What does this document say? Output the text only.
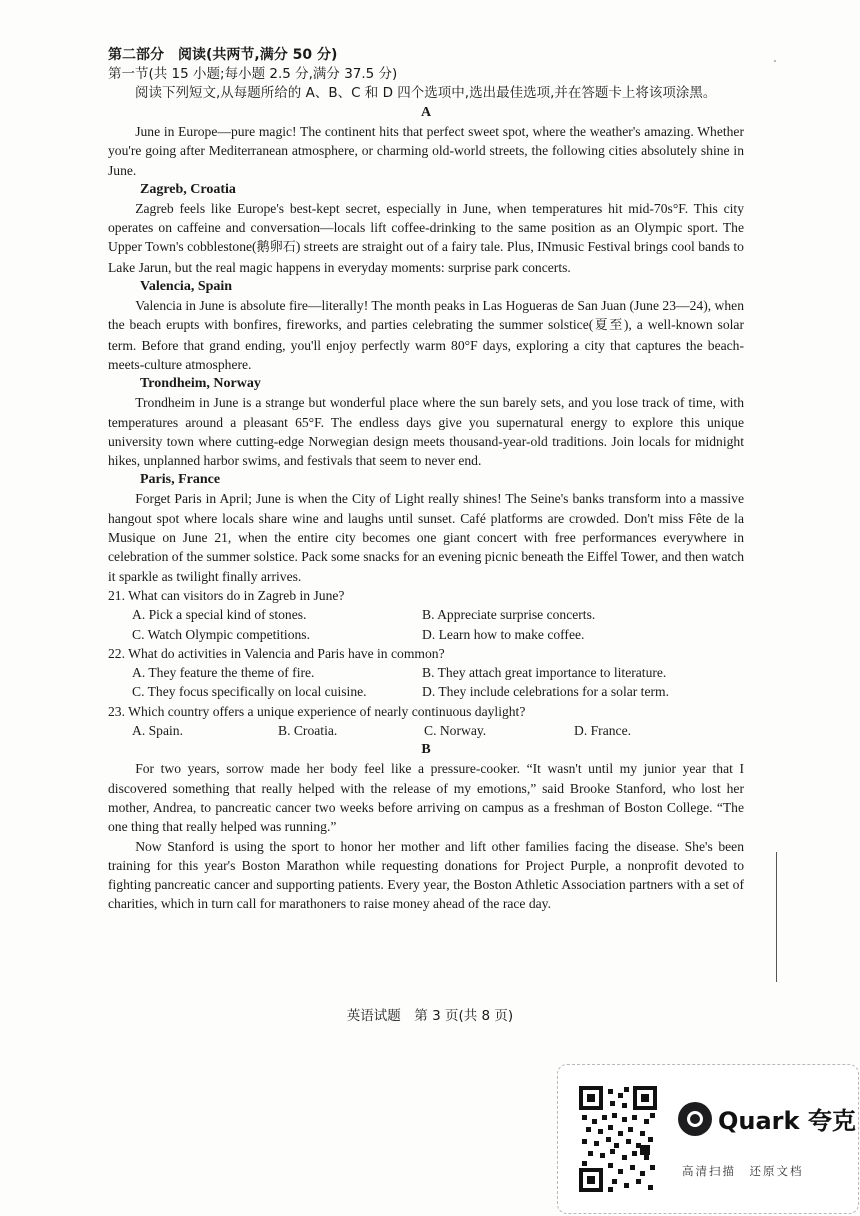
第二部分　阅读(共两节,满分 50 分)
第一节(共 15 小题;每小题 2.5 分,满分 37.5 分)

阅读下列短文,从每题所给的 A、B、C 和 D 四个选项中,选出最佳选项,并在答题卡上将该项涂黑。

A

June in Europe—pure magic! The continent hits that perfect sweet spot, where the weather's amazing. Whether you're going after Mediterranean atmosphere, or charming old-world streets, the following cities absolutely shine in June.

Zagreb, Croatia

Zagreb feels like Europe's best-kept secret, especially in June, when temperatures hit mid-70s°F. This city operates on caffeine and conversation—locals lift coffee-drinking to the same position as an Olympic sport. The Upper Town's cobblestone(鹅卵石) streets are straight out of a fairy tale. Plus, INmusic Festival brings cool bands to Lake Jarun, but the real magic happens in everyday moments: surprise park concerts.

Valencia, Spain

Valencia in June is absolute fire—literally! The month peaks in Las Hogueras de San Juan (June 23—24), when the beach erupts with bonfires, fireworks, and parties celebrating the summer solstice(夏至), a well-known solar term. Before that grand ending, you'll enjoy perfectly warm 80°F days, exploring a city that captures the beach-meets-culture atmosphere.

Trondheim, Norway

Trondheim in June is a strange but wonderful place where the sun barely sets, and you lose track of time, with temperatures around a pleasant 65°F. The endless days give you supernatural energy to explore this unique university town where cutting-edge Norwegian design meets thousand-year-old traditions. Join locals for midnight hikes, unplanned harbor swims, and festivals that seem to never end.

Paris, France

Forget Paris in April; June is when the City of Light really shines! The Seine's banks transform into a massive hangout spot where locals share wine and laughs until sunset. Café platforms are crowded. Don't miss Fête de la Musique on June 21, when the entire city becomes one giant concert with free performances everywhere in celebration of the summer solstice. Pack some snacks for an evening picnic beneath the Eiffel Tower, and then watch it sparkle as twilight finally arrives.

21. What can visitors do in Zagreb in June?
A. Pick a special kind of stones.	B. Appreciate surprise concerts.
C. Watch Olympic competitions.	D. Learn how to make coffee.
22. What do activities in Valencia and Paris have in common?
A. They feature the theme of fire.	B. They attach great importance to literature.
C. They focus specifically on local cuisine.	D. They include celebrations for a solar term.
23. Which country offers a unique experience of nearly continuous daylight?
A. Spain.	B. Croatia.	C. Norway.	D. France.
B

For two years, sorrow made her body feel like a pressure-cooker. “It wasn't until my junior year that I discovered something that really helped with the release of my emotions,” said Brooke Stanford, who lost her mother, Andrea, to pancreatic cancer two weeks before arriving on campus as a freshman of Boston College. “The one thing that really helped was running.”

Now Stanford is using the sport to honor her mother and lift other families facing the disease. She's been training for this year's Boston Marathon while requesting donations for Project Purple, a nonprofit devoted to fighting pancreatic cancer and supporting patients. Every year, the Boston Athletic Association partners with a set of charities, which in turn call for marathoners to raise money ahead of the race day.

英语试题　第 3 页(共 8 页)
Quark 夸克
高清扫描　还原文档
